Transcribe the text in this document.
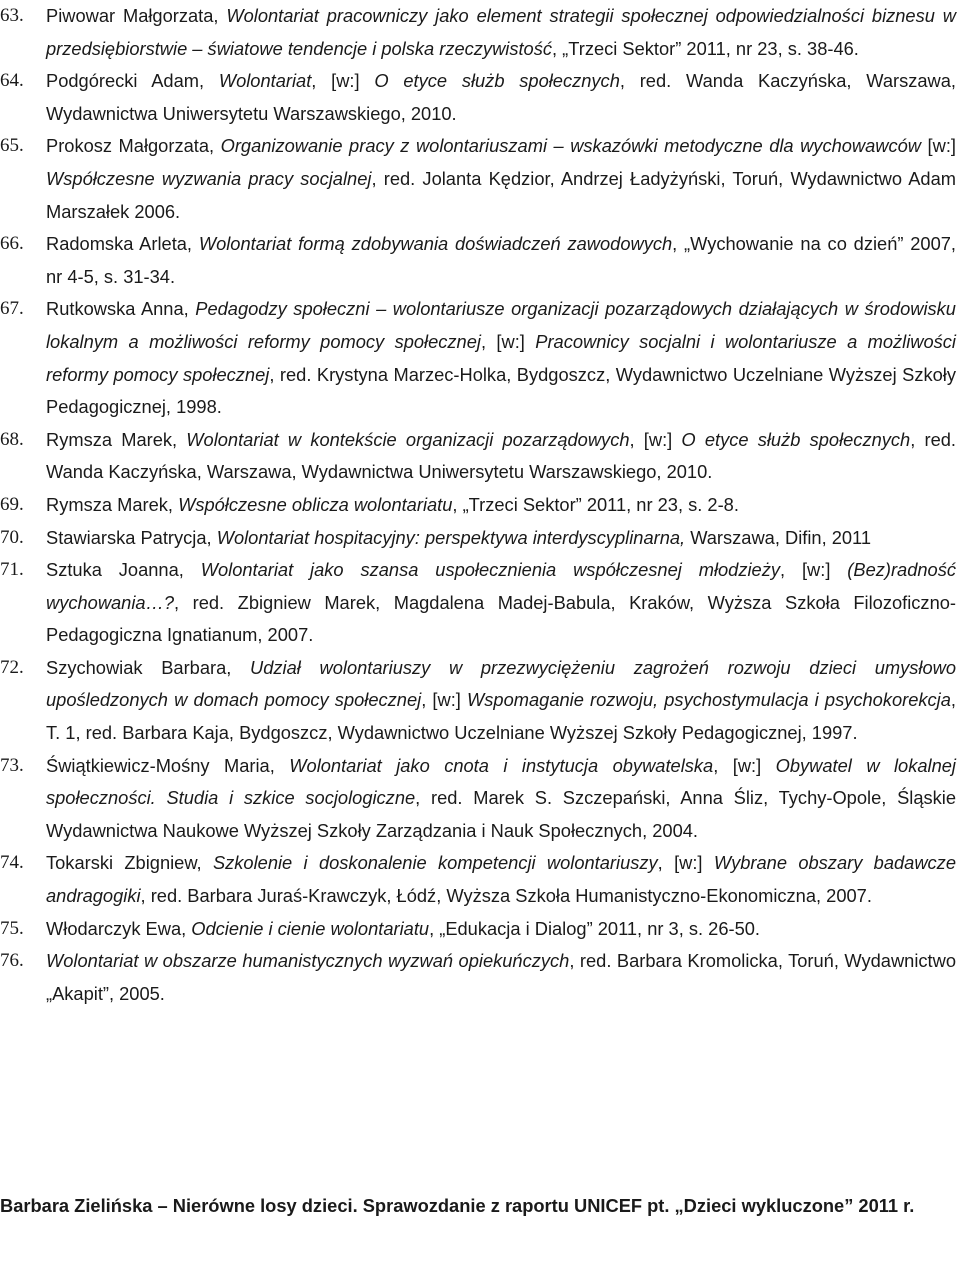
63.	Piwowar Małgorzata, Wolontariat pracowniczy jako element strategii społecznej odpowiedzialności biznesu w przedsiębiorstwie – światowe tendencje i polska rzeczywistość, „Trzeci Sektor” 2011, nr 23, s. 38-46.
64.	Podgórecki Adam, Wolontariat, [w:] O etyce służb społecznych, red. Wanda Kaczyńska, Warszawa, Wydawnictwa Uniwersytetu Warszawskiego, 2010.
65.	Prokosz Małgorzata, Organizowanie pracy z wolontariuszami – wskazówki metodyczne dla wychowawców [w:] Współczesne wyzwania pracy socjalnej, red. Jolanta Kędzior, Andrzej Ładyżyński, Toruń, Wydawnictwo Adam Marszałek 2006.
66.	Radomska Arleta, Wolontariat formą zdobywania doświadczeń zawodowych, „Wychowanie na co dzień” 2007, nr 4-5, s. 31-34.
67.	Rutkowska Anna, Pedagodzy społeczni – wolontariusze organizacji pozarządowych działających w środowisku lokalnym a możliwości reformy pomocy społecznej, [w:] Pracownicy socjalni i wolontariusze a możliwości reformy pomocy społecznej, red. Krystyna Marzec-Holka, Bydgoszcz, Wydawnictwo Uczelniane Wyższej Szkoły Pedagogicznej, 1998.
68.	Rymsza Marek, Wolontariat w kontekście organizacji pozarządowych, [w:] O etyce służb społecznych, red. Wanda Kaczyńska, Warszawa, Wydawnictwa Uniwersytetu Warszawskiego, 2010.
69.	Rymsza Marek, Współczesne oblicza wolontariatu, „Trzeci Sektor” 2011, nr 23, s. 2-8.
70.	Stawiarska Patrycja, Wolontariat hospitacyjny: perspektywa interdyscyplinarna, Warszawa, Difin, 2011
71.	Sztuka Joanna, Wolontariat jako szansa uspołecznienia współczesnej młodzieży, [w:] (Bez)radność wychowania…?, red. Zbigniew Marek, Magdalena Madej-Babula, Kraków, Wyższa Szkoła Filozoficzno-Pedagogiczna Ignatianum, 2007.
72.	Szychowiak Barbara, Udział wolontariuszy w przezwyciężeniu zagrożeń rozwoju dzieci umysłowo upośledzonych w domach pomocy społecznej, [w:] Wspomaganie rozwoju, psychostymulacja i psychokorekcja, T. 1, red. Barbara Kaja, Bydgoszcz, Wydawnictwo Uczelniane Wyższej Szkoły Pedagogicznej, 1997.
73.	Świątkiewicz-Mośny Maria, Wolontariat jako cnota i instytucja obywatelska, [w:] Obywatel w lokalnej społeczności. Studia i szkice socjologiczne, red. Marek S. Szczepański, Anna Śliz, Tychy-Opole, Śląskie Wydawnictwa Naukowe Wyższej Szkoły Zarządzania i Nauk Społecznych, 2004.
74.	Tokarski Zbigniew, Szkolenie i doskonalenie kompetencji wolontariuszy, [w:] Wybrane obszary badawcze andragogiki, red. Barbara Juraś-Krawczyk, Łódź, Wyższa Szkoła Humanistyczno-Ekonomiczna, 2007.
75.	Włodarczyk Ewa, Odcienie i cienie wolontariatu, „Edukacja i Dialog” 2011, nr 3, s. 26-50.
76.	Wolontariat w obszarze humanistycznych wyzwań opiekuńczych, red. Barbara Kromolicka, Toruń, Wydawnictwo „Akapit”, 2005.
Barbara Zielińska – Nierówne losy dzieci. Sprawozdanie z raportu UNICEF pt. „Dzieci wykluczone” 2011 r.
